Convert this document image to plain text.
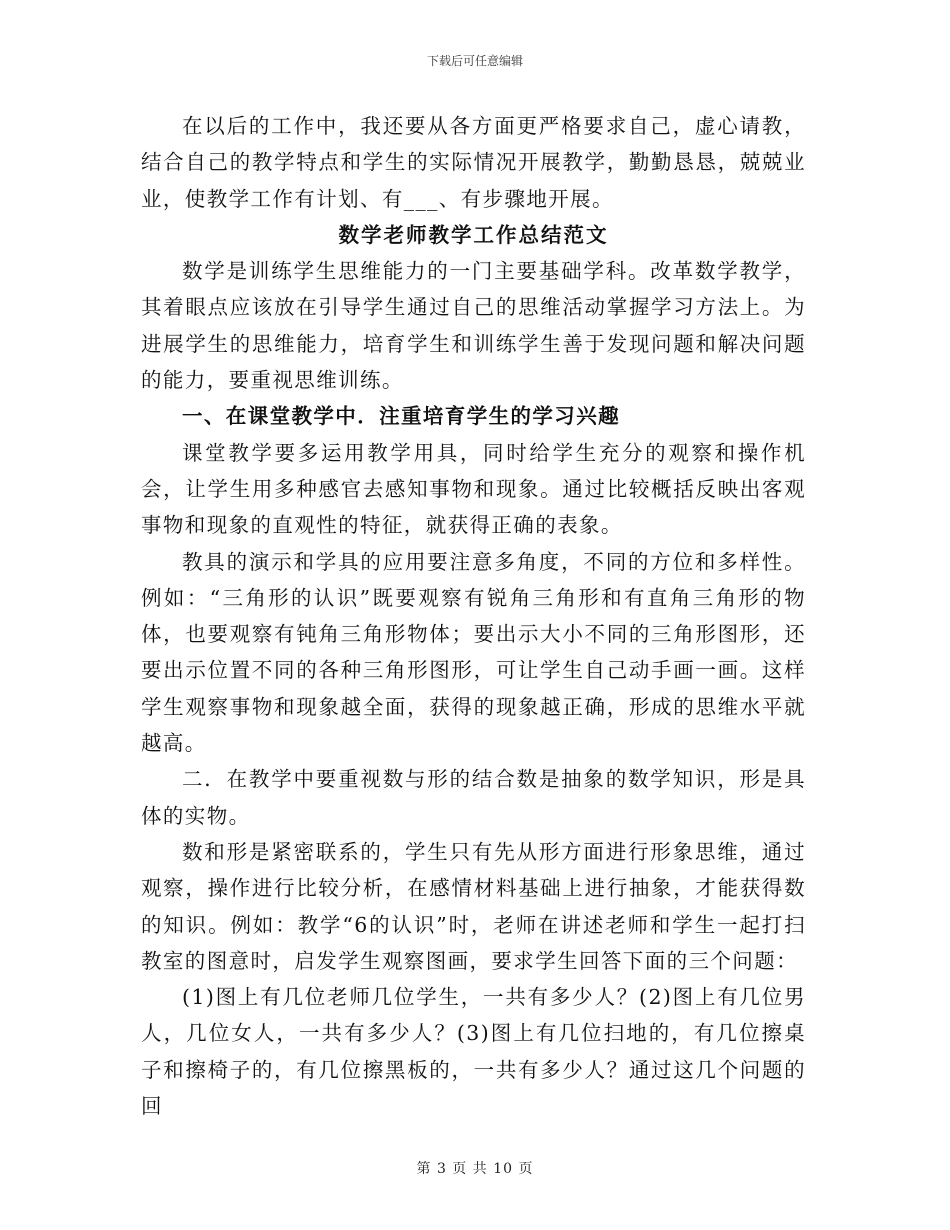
下载后可任意编辑

在以后的工作中，我还要从各方面更严格要求自己，虚心请教，结合自己的教学特点和学生的实际情况开展教学，勤勤恳恳，兢兢业业，使教学工作有计划、有___、有步骤地开展。

数学老师教学工作总结范文

数学是训练学生思维能力的一门主要基础学科。改革数学教学，其着眼点应该放在引导学生通过自己的思维活动掌握学习方法上。为进展学生的思维能力，培育学生和训练学生善于发现问题和解决问题的能力，要重视思维训练。

一、在课堂教学中．注重培育学生的学习兴趣

课堂教学要多运用教学用具，同时给学生充分的观察和操作机会，让学生用多种感官去感知事物和现象。通过比较概括反映出客观事物和现象的直观性的特征，就获得正确的表象。

教具的演示和学具的应用要注意多角度，不同的方位和多样性。例如：“三角形的认识”既要观察有锐角三角形和有直角三角形的物体，也要观察有钝角三角形物体；要出示大小不同的三角形图形，还要出示位置不同的各种三角形图形，可让学生自己动手画一画。这样学生观察事物和现象越全面，获得的现象越正确，形成的思维水平就越高。

二．在教学中要重视数与形的结合数是抽象的数学知识，形是具体的实物。

数和形是紧密联系的，学生只有先从形方面进行形象思维，通过观察，操作进行比较分析，在感情材料基础上进行抽象，才能获得数的知识。例如：教学“6的认识”时，老师在讲述老师和学生一起打扫教室的图意时，启发学生观察图画，要求学生回答下面的三个问题：

(1)图上有几位老师几位学生，一共有多少人？(2)图上有几位男人，几位女人，一共有多少人？(3)图上有几位扫地的，有几位擦桌子和擦椅子的，有几位擦黑板的，一共有多少人？通过这几个问题的回

第 3 页 共 10 页
